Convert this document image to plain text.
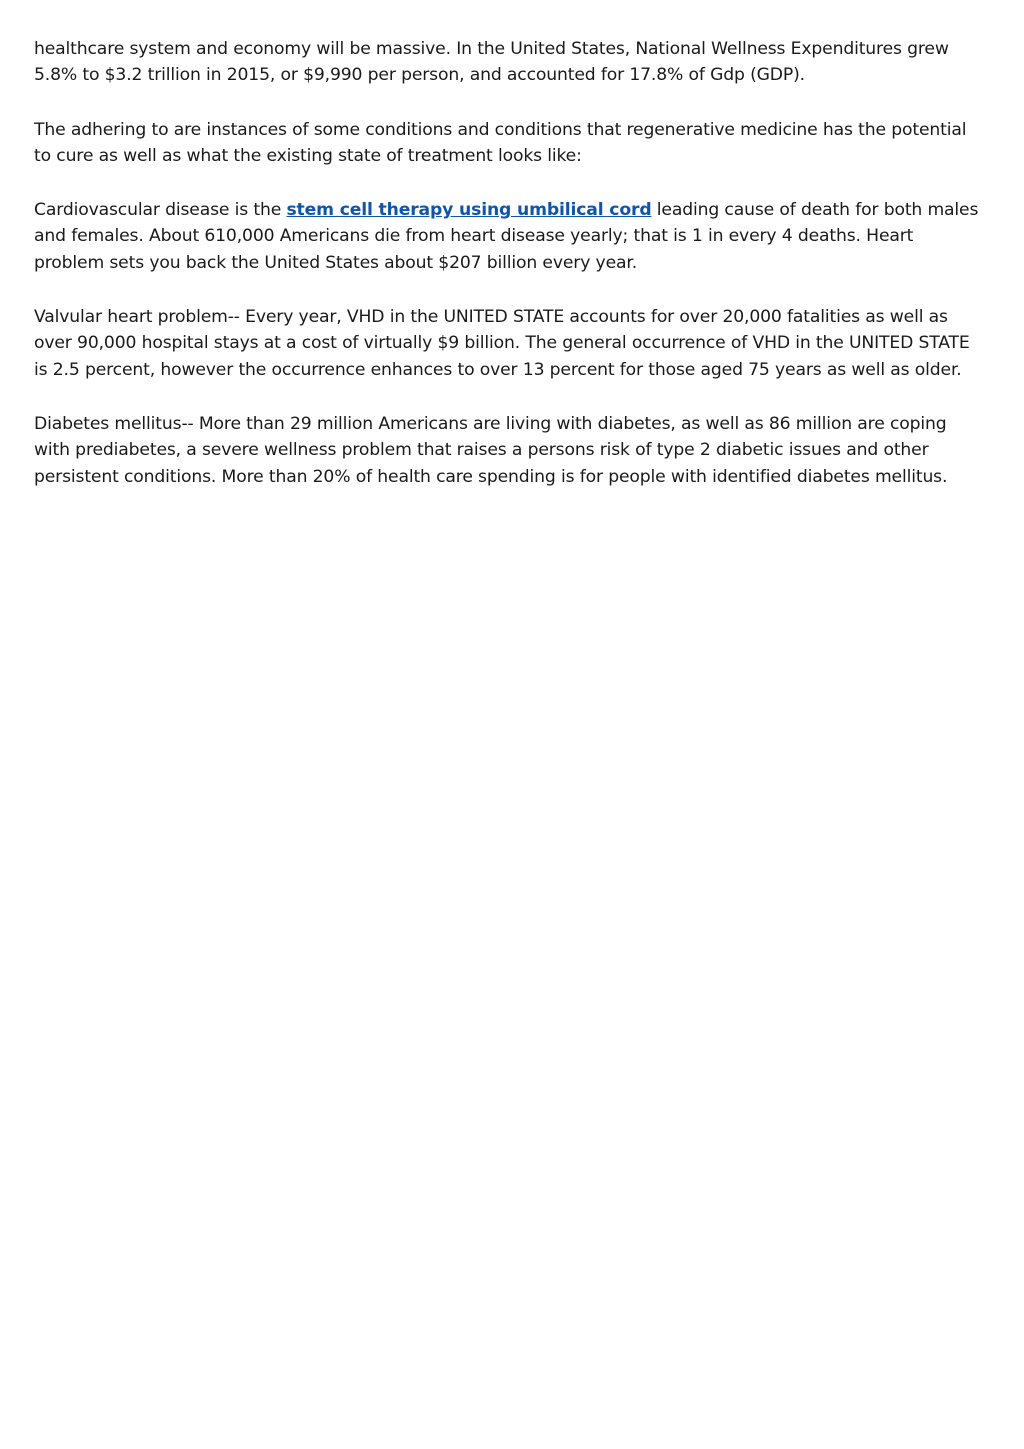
healthcare system and economy will be massive. In the United States, National Wellness Expenditures grew 5.8% to $3.2 trillion in 2015, or $9,990 per person, and accounted for 17.8% of Gdp (GDP).

The adhering to are instances of some conditions and conditions that regenerative medicine has the potential to cure as well as what the existing state of treatment looks like:

Cardiovascular disease is the stem cell therapy using umbilical cord leading cause of death for both males and females. About 610,000 Americans die from heart disease yearly; that is 1 in every 4 deaths. Heart problem sets you back the United States about $207 billion every year.

Valvular heart problem-- Every year, VHD in the UNITED STATE accounts for over 20,000 fatalities as well as over 90,000 hospital stays at a cost of virtually $9 billion. The general occurrence of VHD in the UNITED STATE is 2.5 percent, however the occurrence enhances to over 13 percent for those aged 75 years as well as older.

Diabetes mellitus-- More than 29 million Americans are living with diabetes, as well as 86 million are coping with prediabetes, a severe wellness problem that raises a persons risk of type 2 diabetic issues and other persistent conditions. More than 20% of health care spending is for people with identified diabetes mellitus.
